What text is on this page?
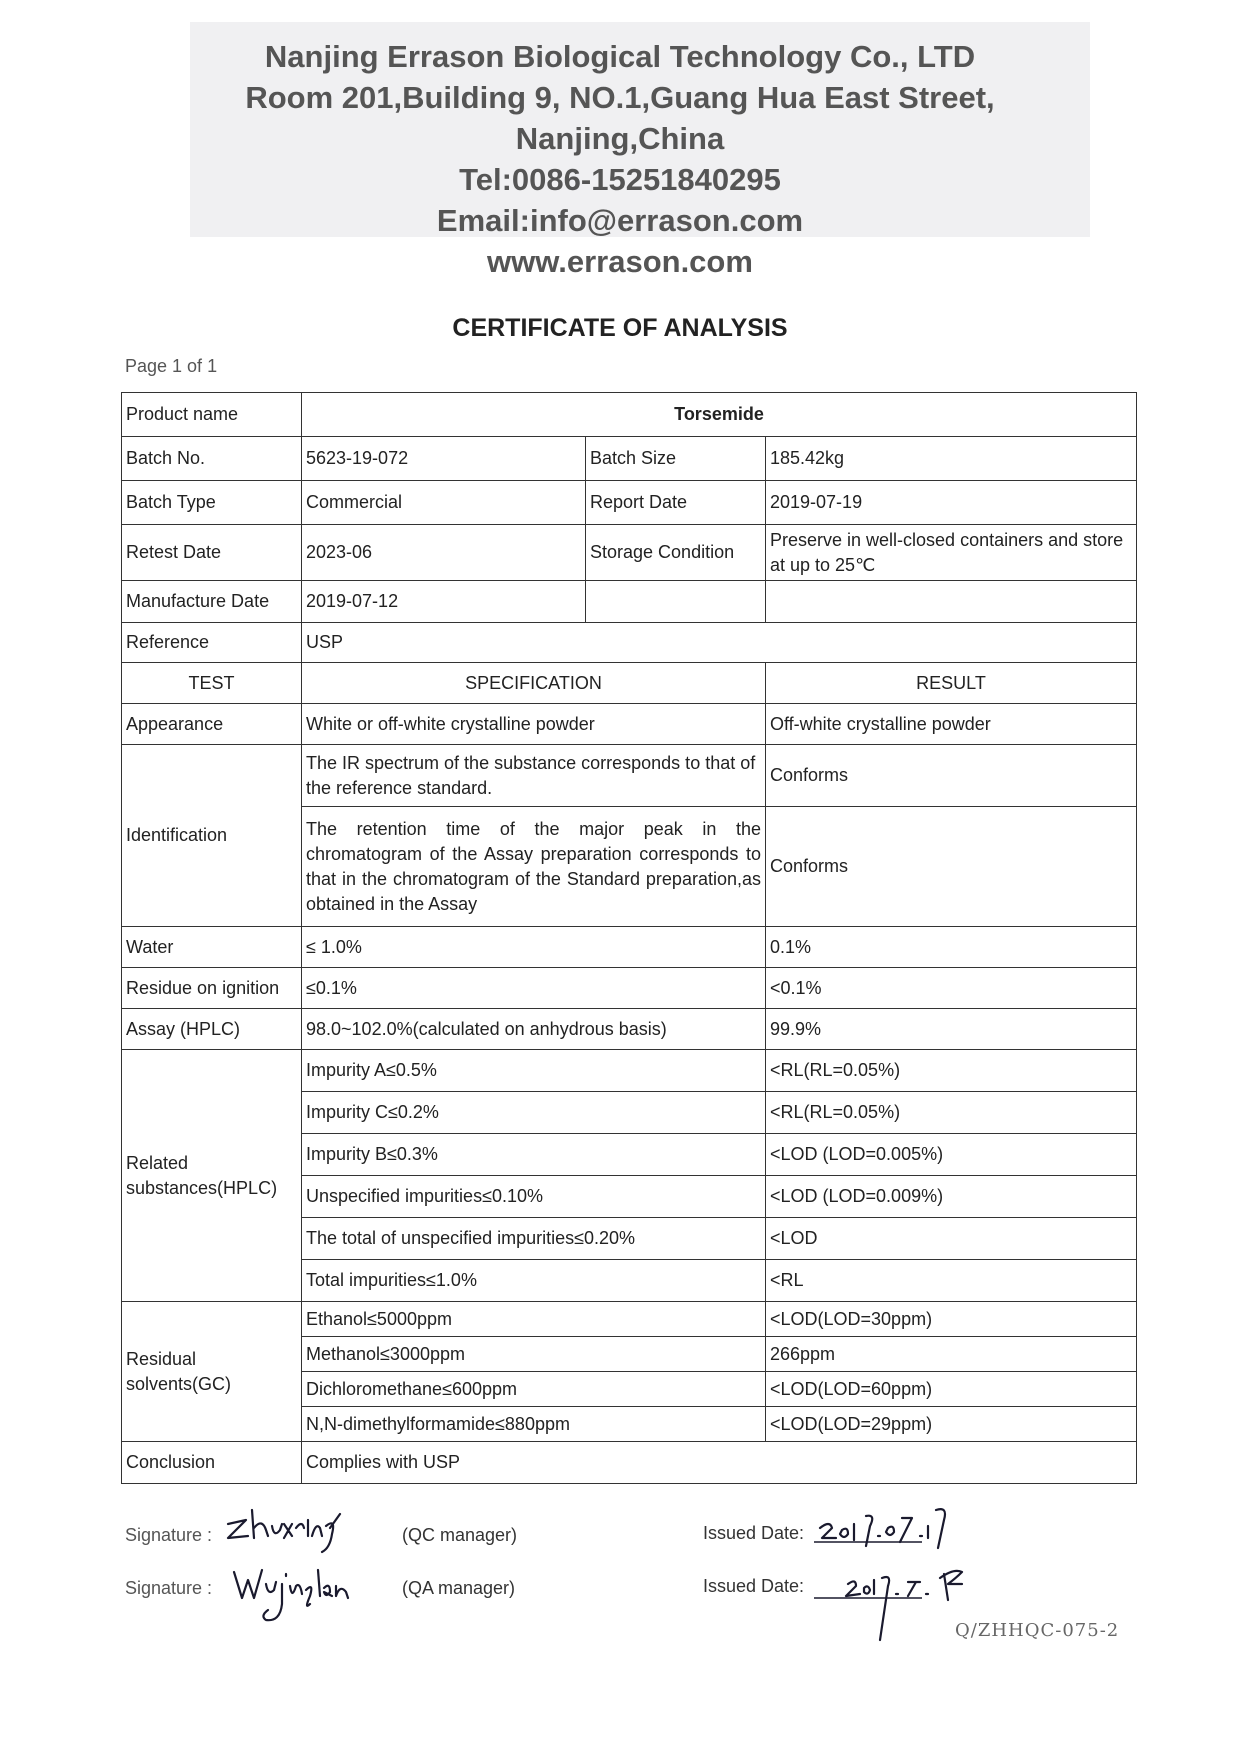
Nanjing Errason Biological Technology Co., LTD
Room 201,Building 9, NO.1,Guang Hua East Street,
Nanjing,China
Tel:0086-15251840295
Email:info@errason.com
www.errason.com
CERTIFICATE OF ANALYSIS
Page 1 of 1
Product name	Torsemide		
Batch No.	5623-19-072	Batch Size	185.42kg
Batch Type	Commercial	Report Date	2019-07-19
Retest Date	2023-06	Storage Condition	Preserve in well-closed containers and store at up to 25℃
Manufacture Date	2019-07-12		
Reference	USP		
TEST	SPECIFICATION		RESULT
Appearance	White or off-white crystalline powder		Off-white crystalline powder
Identification	The IR spectrum of the substance corresponds to that of the reference standard.		Conforms
	The retention time of the major peak in the chromatogram of the Assay preparation corresponds to that in the chromatogram of the Standard preparation,as obtained in the Assay		Conforms
Water	≤ 1.0%		0.1%
Residue on ignition	≤0.1%		<0.1%
Assay (HPLC)	98.0~102.0%(calculated on anhydrous basis)		99.9%
Related substances(HPLC)	Impurity A≤0.5%		<RL(RL=0.05%)
	Impurity C≤0.2%		<RL(RL=0.05%)
	Impurity B≤0.3%		<LOD (LOD=0.005%)
	Unspecified impurities≤0.10%		<LOD (LOD=0.009%)
	The total of unspecified impurities≤0.20%		<LOD
	Total impurities≤1.0%		<RL
Residual solvents(GC)	Ethanol≤5000ppm		<LOD(LOD=30ppm)
	Methanol≤3000ppm		266ppm
	Dichloromethane≤600ppm		<LOD(LOD=60ppm)
	N,N-dimethylformamide≤880ppm		<LOD(LOD=29ppm)
Conclusion	Complies with USP		
Signature :	(QC manager)	Issued Date:
Signature :	(QA manager)	Issued Date:
Q/ZHHQC-075-2
